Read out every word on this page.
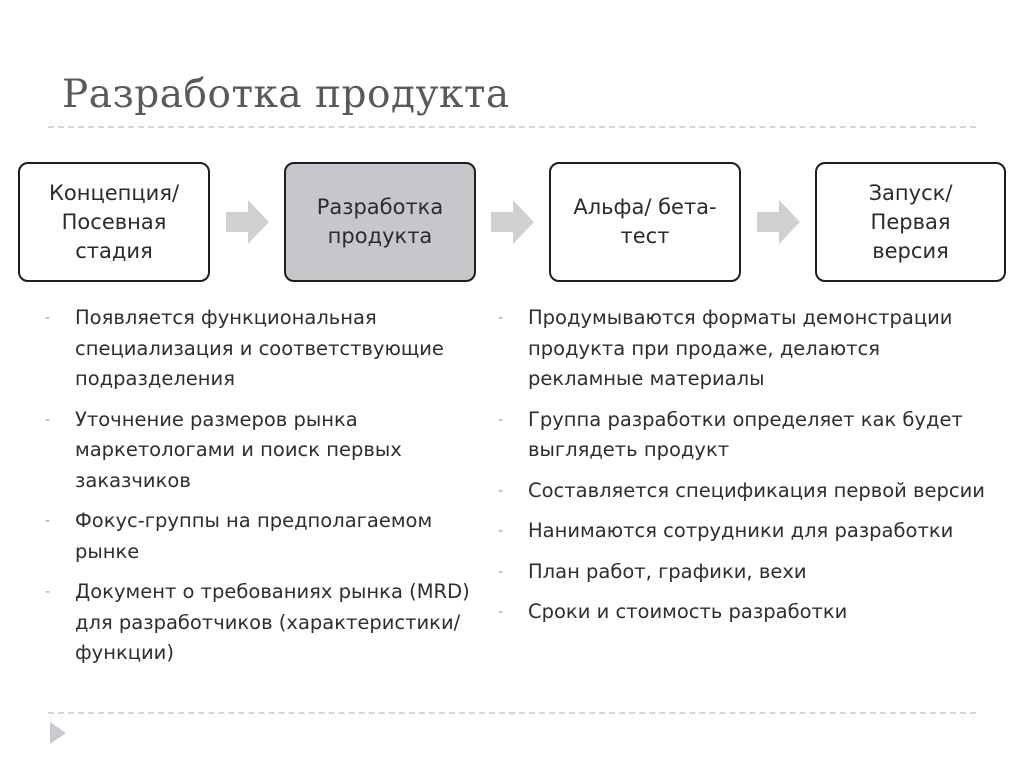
Разработка продукта
Концепция/
Посевная
стадия
Разработка
продукта
Альфа/ бета-
тест
Запуск/
Первая
версия
- Появляется функциональная специализация и соответствующие подразделения
- Уточнение размеров рынка маркетологами и поиск первых заказчиков
- Фокус-группы на предполагаемом рынке
- Документ о требованиях рынка (MRD) для разработчиков (характеристики/функции)
- Продумываются форматы демонстрации продукта при продаже, делаются рекламные материалы
- Группа разработки определяет как будет выглядеть продукт
- Составляется спецификация первой версии
- Нанимаются сотрудники для разработки
- План работ, графики, вехи
- Сроки и стоимость разработки
